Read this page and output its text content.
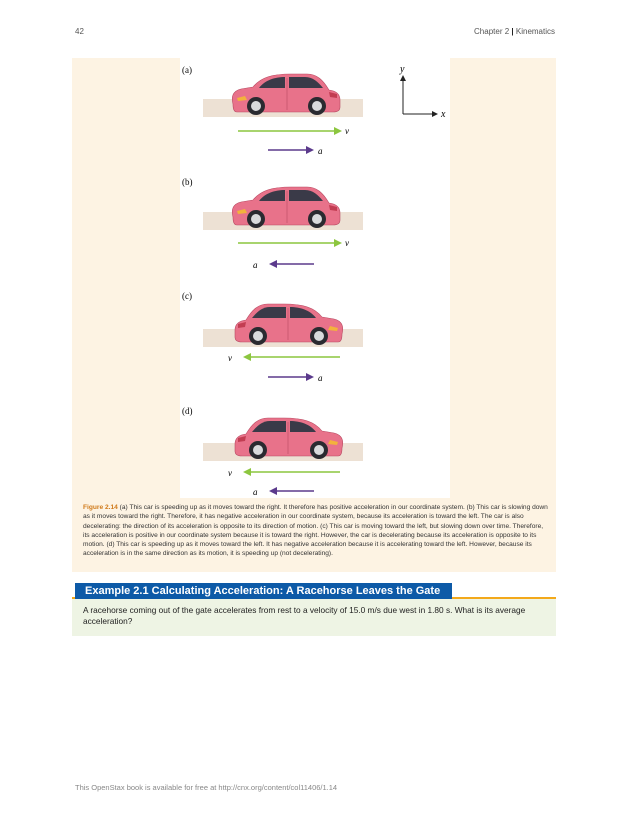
42	Chapter 2 | Kinematics
(a)
v
a
y
x
(b)
v
a
(c)
v
a
(d)
v
a
Figure 2.14 (a) This car is speeding up as it moves toward the right. It therefore has positive acceleration in our coordinate system. (b) This car is slowing down as it moves toward the right. Therefore, it has negative acceleration in our coordinate system, because its acceleration is toward the left. The car is also decelerating: the direction of its acceleration is opposite to its direction of motion. (c) This car is moving toward the left, but slowing down over time. Therefore, its acceleration is positive in our coordinate system because it is toward the right. However, the car is decelerating because its acceleration is opposite to its motion. (d) This car is speeding up as it moves toward the left. It has negative acceleration because it is accelerating toward the left. However, because its acceleration is in the same direction as its motion, it is speeding up (not decelerating).
Example 2.1 Calculating Acceleration: A Racehorse Leaves the Gate
A racehorse coming out of the gate accelerates from rest to a velocity of 15.0 m/s due west in 1.80 s. What is its average acceleration?
This OpenStax book is available for free at http://cnx.org/content/col11406/1.14
